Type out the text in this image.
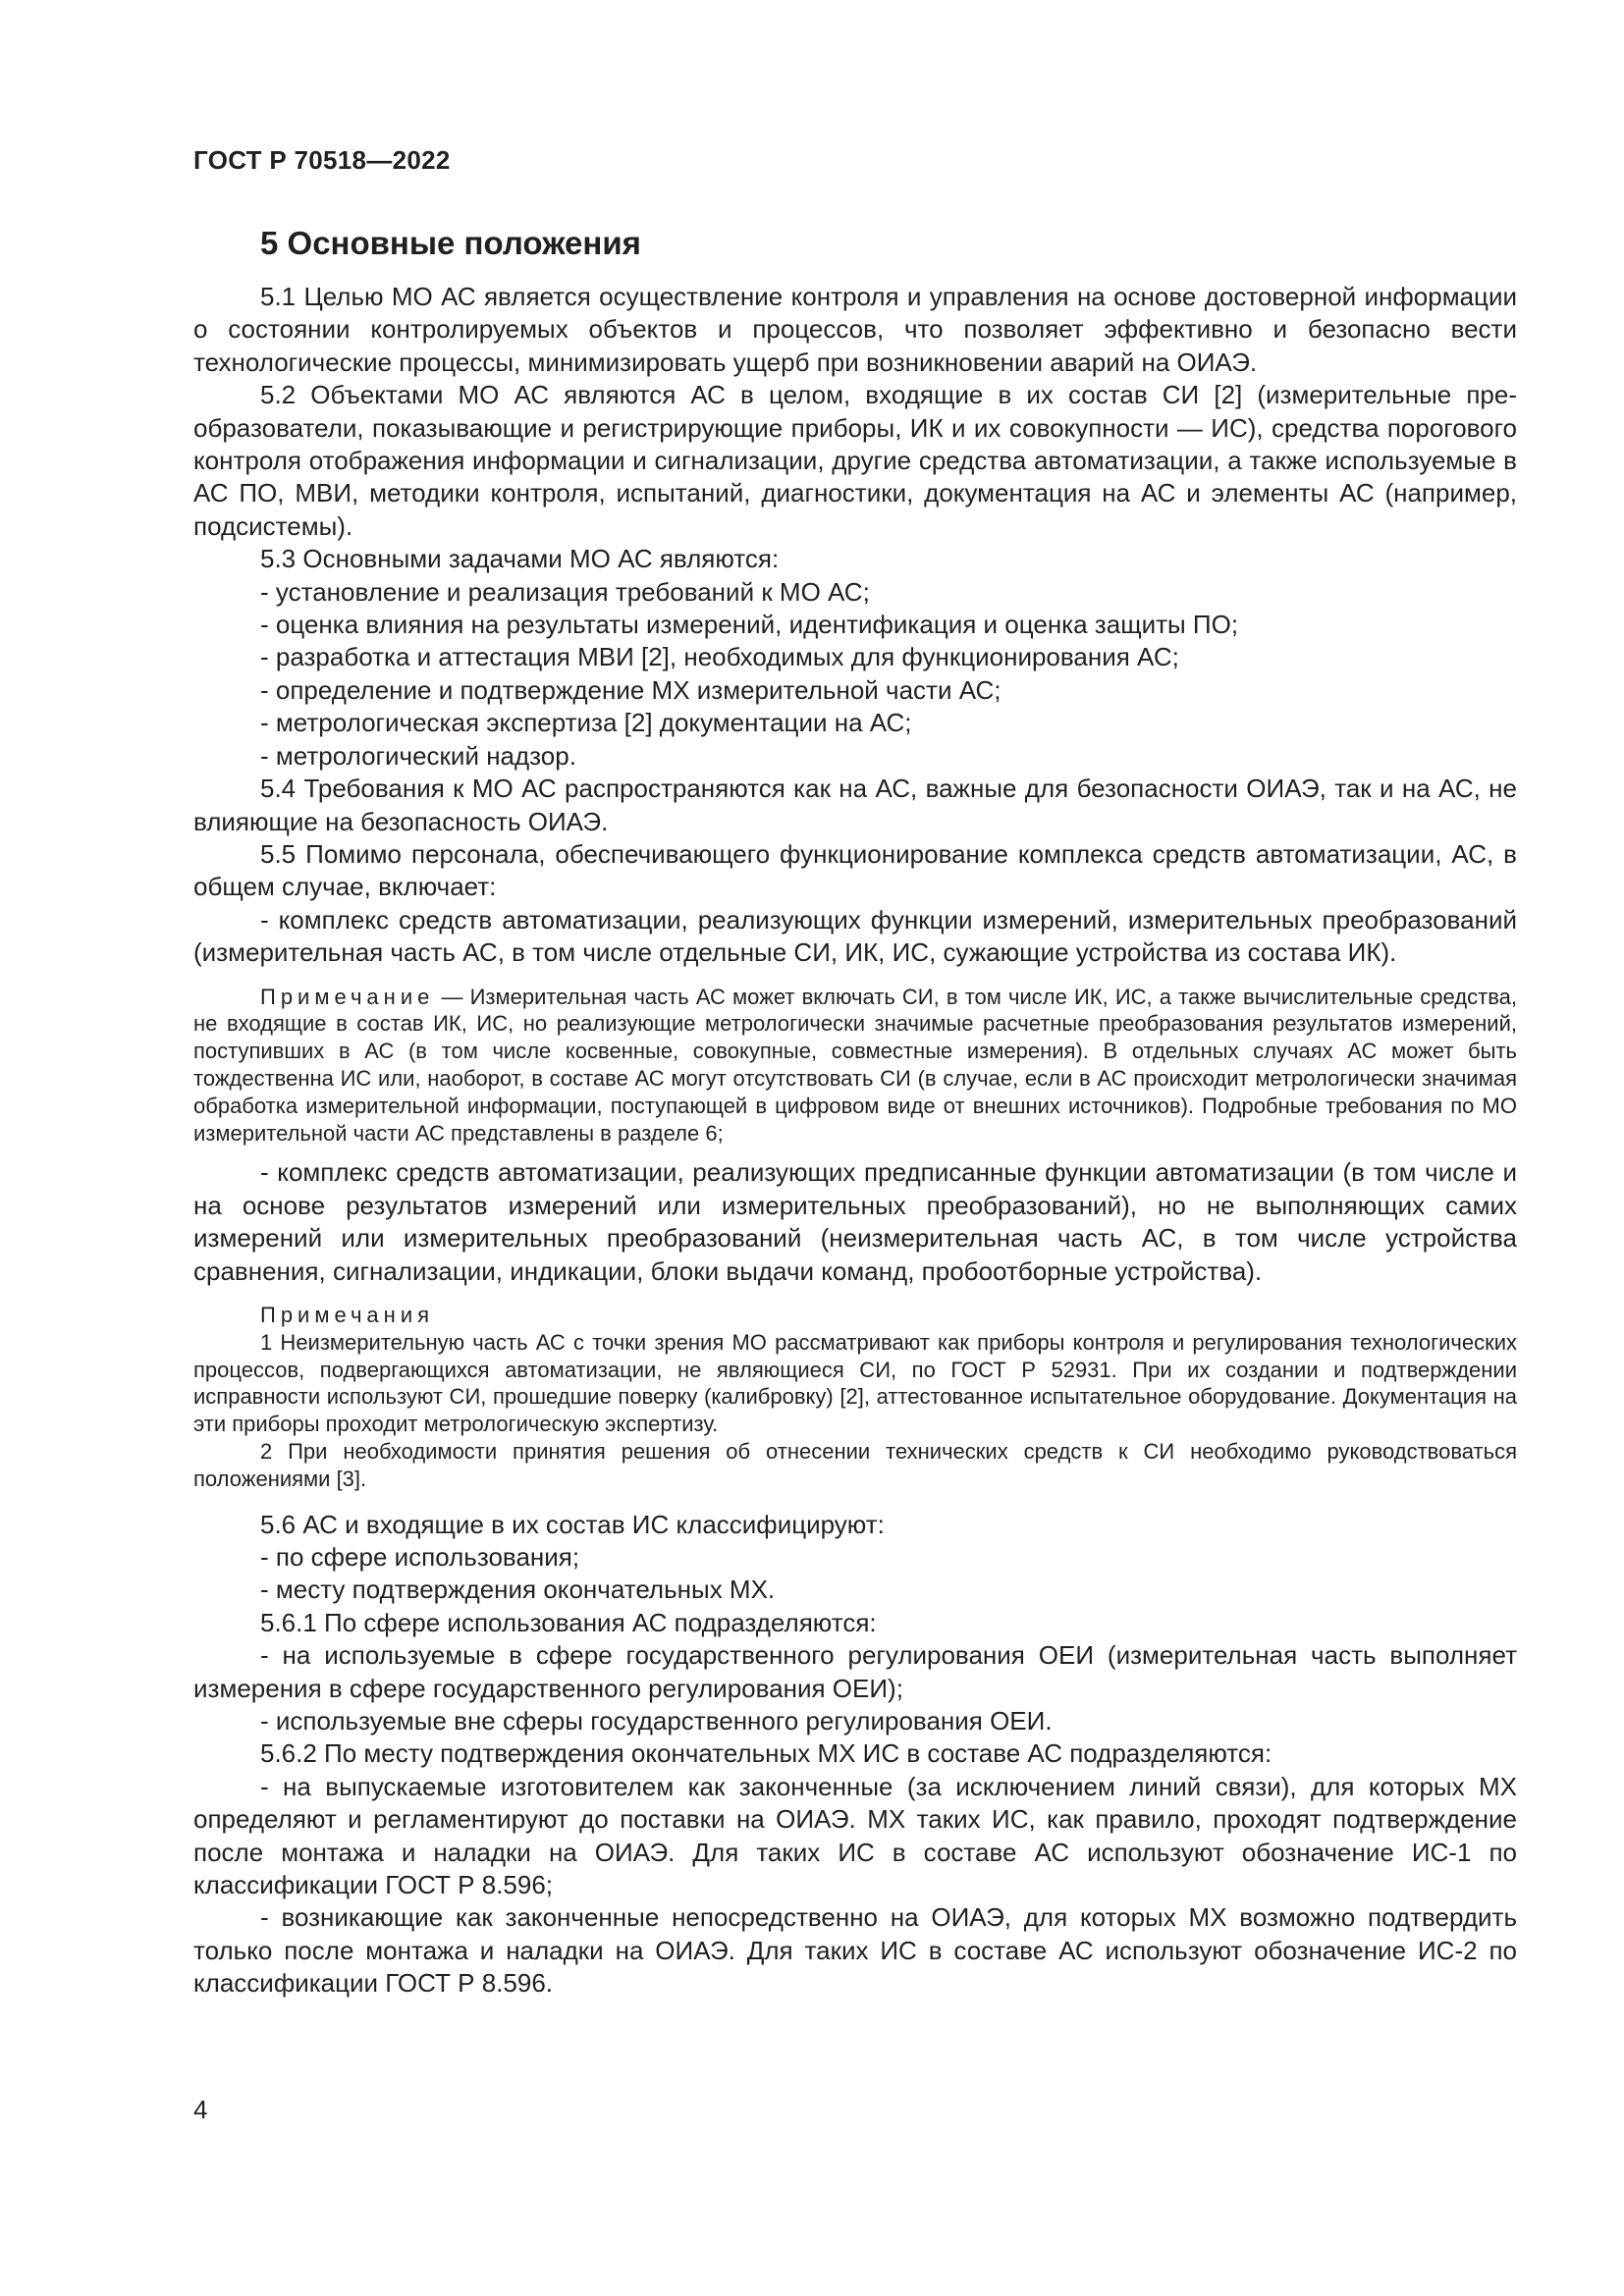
ГОСТ Р 70518—2022
5 Основные положения

5.1 Целью МО АС является осуществление контроля и управления на основе достоверной информации о состоянии контролируемых объектов и процессов, что позволяет эффективно и безопасно вести технологические процессы, минимизировать ущерб при возникновении аварий на ОИАЭ.

5.2 Объектами МО АС являются АС в целом, входящие в их состав СИ [2] (измерительные преобразователи, показывающие и регистрирующие приборы, ИК и их совокупности — ИС), средства порогового контроля отображения информации и сигнализации, другие средства автоматизации, а также используемые в АС ПО, МВИ, методики контроля, испытаний, диагностики, документация на АС и элементы АС (например, подсистемы).

5.3 Основными задачами МО АС являются:

- установление и реализация требований к МО АС;

- оценка влияния на результаты измерений, идентификация и оценка защиты ПО;

- разработка и аттестация МВИ [2], необходимых для функционирования АС;

- определение и подтверждение МХ измерительной части АС;

- метрологическая экспертиза [2] документации на АС;

- метрологический надзор.

5.4 Требования к МО АС распространяются как на АС, важные для безопасности ОИАЭ, так и на АС, не влияющие на безопасность ОИАЭ.

5.5 Помимо персонала, обеспечивающего функционирование комплекса средств автоматизации, АС, в общем случае, включает:

- комплекс средств автоматизации, реализующих функции измерений, измерительных преобразований (измерительная часть АС, в том числе отдельные СИ, ИК, ИС, сужающие устройства из состава ИК).

Примечание — Измерительная часть АС может включать СИ, в том числе ИК, ИС, а также вычислительные средства, не входящие в состав ИК, ИС, но реализующие метрологически значимые расчетные преобразования результатов измерений, поступивших в АС (в том числе косвенные, совокупные, совместные измерения). В отдельных случаях АС может быть тождественна ИС или, наоборот, в составе АС могут отсутствовать СИ (в случае, если в АС происходит метрологически значимая обработка измерительной информации, поступающей в цифровом виде от внешних источников). Подробные требования по МО измерительной части АС представлены в разделе 6;

- комплекс средств автоматизации, реализующих предписанные функции автоматизации (в том числе и на основе результатов измерений или измерительных преобразований), но не выполняющих самих измерений или измерительных преобразований (неизмерительная часть АС, в том числе устройства сравнения, сигнализации, индикации, блоки выдачи команд, пробоотборные устройства).

Примечания

1 Неизмерительную часть АС с точки зрения МО рассматривают как приборы контроля и регулирования технологических процессов, подвергающихся автоматизации, не являющиеся СИ, по ГОСТ Р 52931. При их создании и подтверждении исправности используют СИ, прошедшие поверку (калибровку) [2], аттестованное испытательное оборудование. Документация на эти приборы проходит метрологическую экспертизу.

2 При необходимости принятия решения об отнесении технических средств к СИ необходимо руководствоваться положениями [3].

5.6 АС и входящие в их состав ИС классифицируют:

- по сфере использования;

- месту подтверждения окончательных МХ.

5.6.1 По сфере использования АС подразделяются:

- на используемые в сфере государственного регулирования ОЕИ (измерительная часть выполняет измерения в сфере государственного регулирования ОЕИ);

- используемые вне сферы государственного регулирования ОЕИ.

5.6.2 По месту подтверждения окончательных МХ ИС в составе АС подразделяются:

- на выпускаемые изготовителем как законченные (за исключением линий связи), для которых МХ определяют и регламентируют до поставки на ОИАЭ. МХ таких ИС, как правило, проходят подтверждение после монтажа и наладки на ОИАЭ. Для таких ИС в составе АС используют обозначение ИС-1 по классификации ГОСТ Р 8.596;

- возникающие как законченные непосредственно на ОИАЭ, для которых МХ возможно подтвердить только после монтажа и наладки на ОИАЭ. Для таких ИС в составе АС используют обозначение ИС-2 по классификации ГОСТ Р 8.596.

4
